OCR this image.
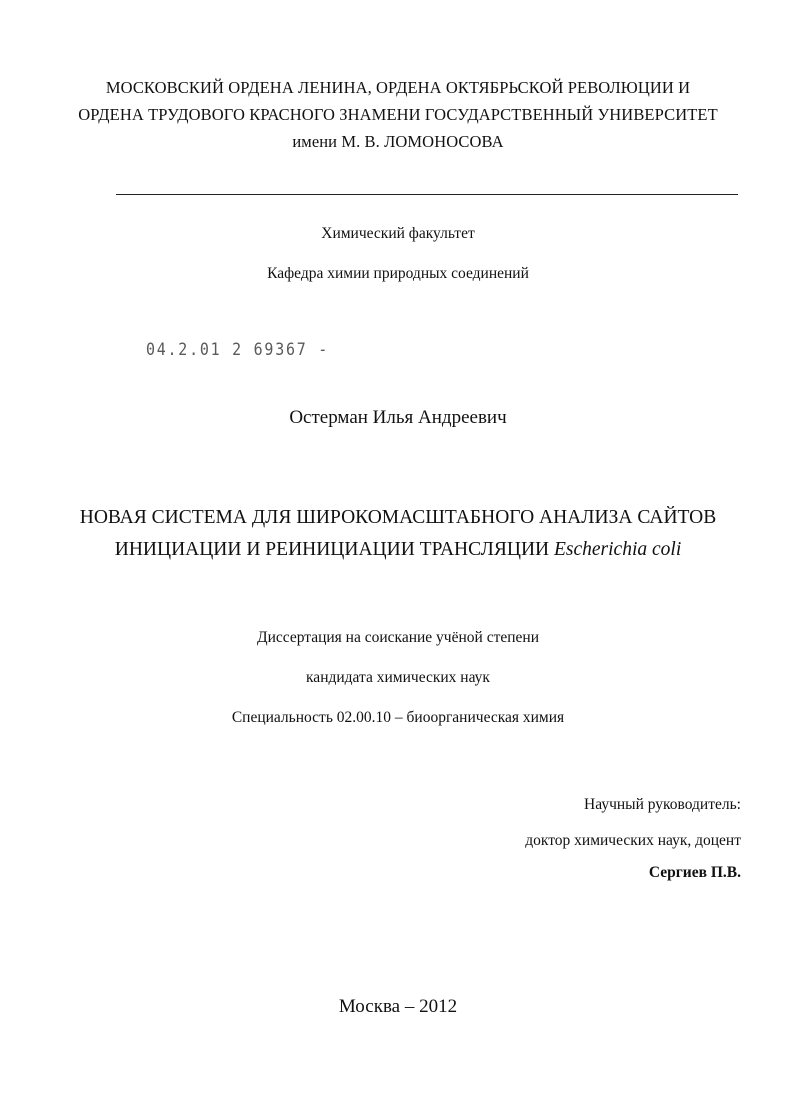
МОСКОВСКИЙ ОРДЕНА ЛЕНИНА, ОРДЕНА ОКТЯБРЬСКОЙ РЕВОЛЮЦИИ И
ОРДЕНА ТРУДОВОГО КРАСНОГО ЗНАМЕНИ ГОСУДАРСТВЕННЫЙ УНИВЕРСИТЕТ
имени М. В. ЛОМОНОСОВА
Химический факультет
Кафедра химии природных соединений
04.2.01 2 69367 -
Остерман Илья Андреевич
НОВАЯ СИСТЕМА ДЛЯ ШИРОКОМАСШТАБНОГО АНАЛИЗА САЙТОВ
ИНИЦИАЦИИ И РЕИНИЦИАЦИИ ТРАНСЛЯЦИИ Escherichia coli
Диссертация на соискание учёной степени
кандидата химических наук
Специальность 02.00.10 – биоорганическая химия
Научный руководитель:
доктор химических наук, доцент
Сергиев П.В.
Москва – 2012
